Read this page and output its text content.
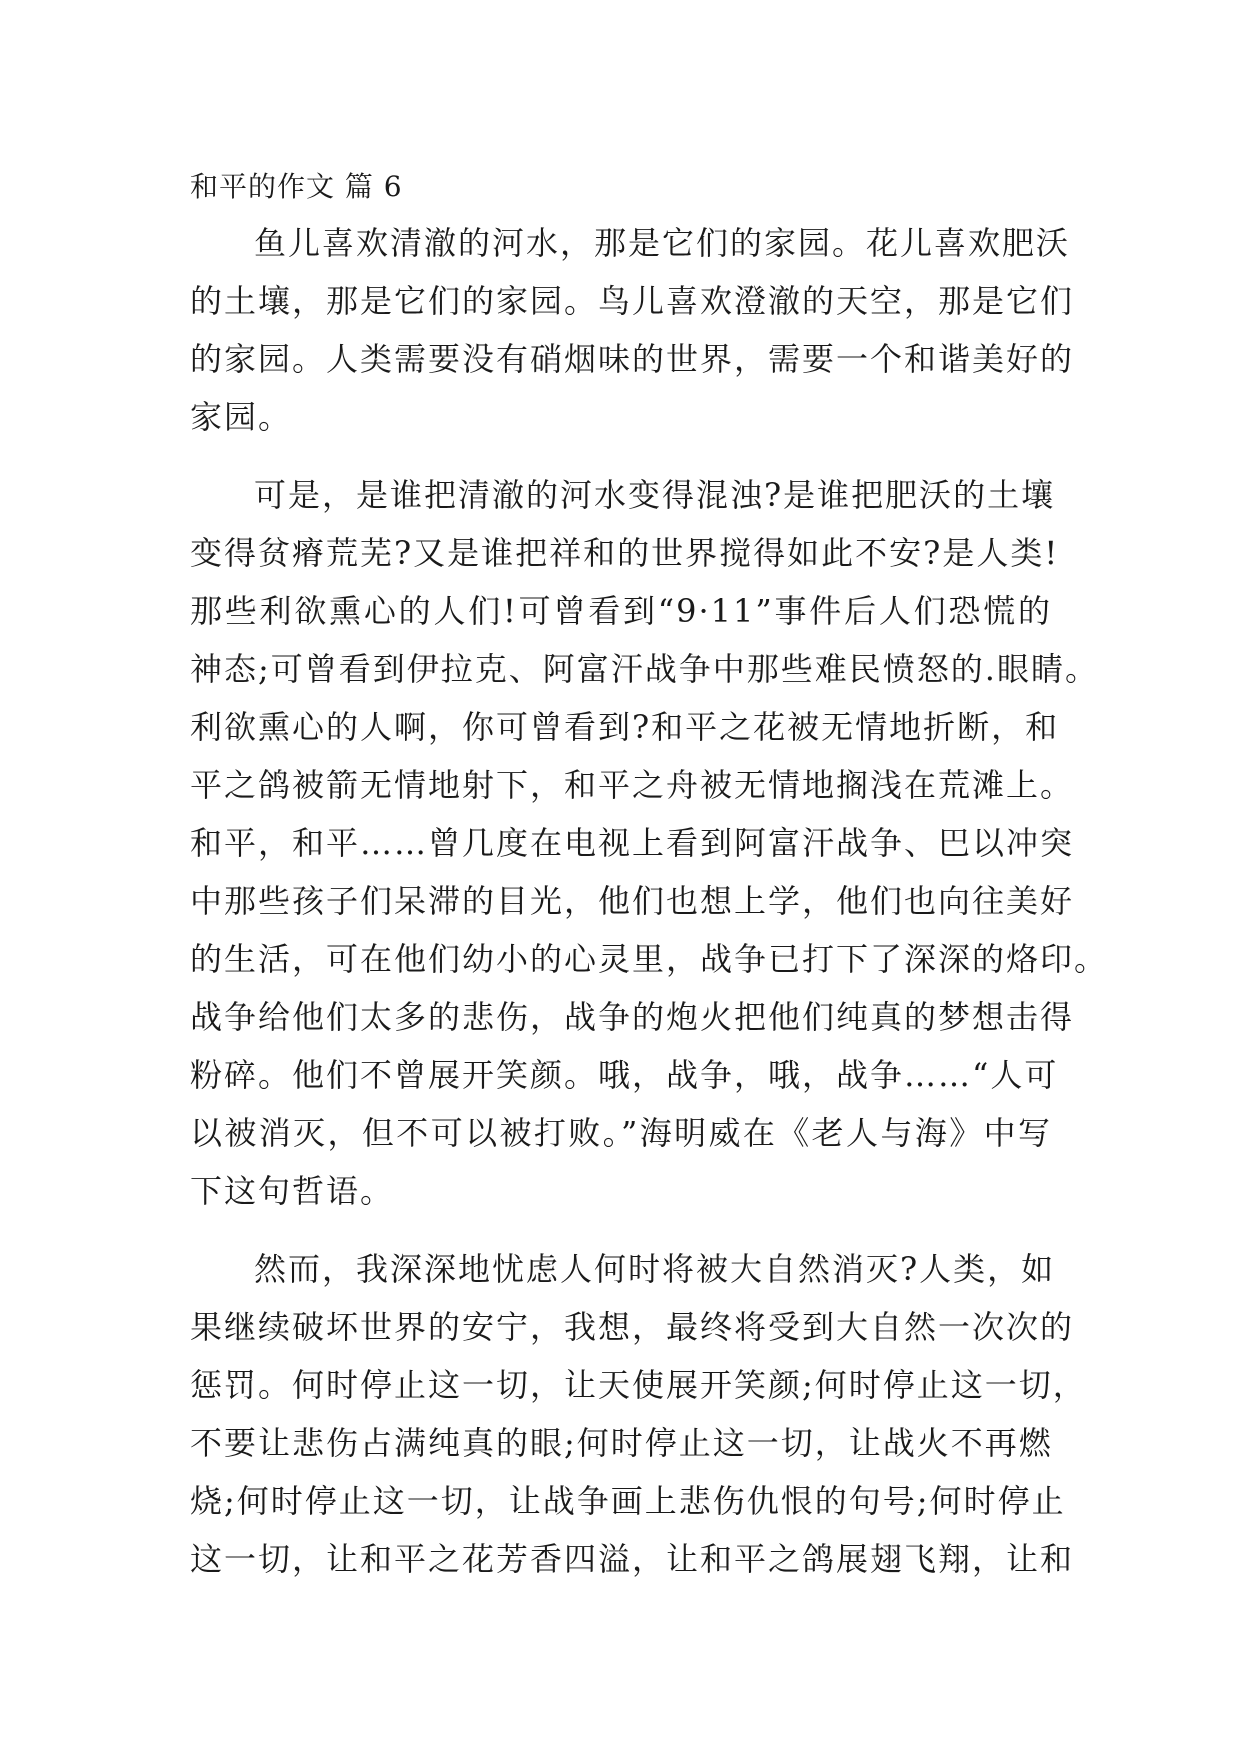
和平的作文 篇 6
鱼儿喜欢清澈的河水，那是它们的家园。花儿喜欢肥沃
的土壤，那是它们的家园。鸟儿喜欢澄澈的天空，那是它们
的家园。人类需要没有硝烟味的世界，需要一个和谐美好的
家园。
可是，是谁把清澈的河水变得混浊?是谁把肥沃的土壤
变得贫瘠荒芜?又是谁把祥和的世界搅得如此不安?是人类!
那些利欲熏心的人们!可曾看到“9·11”事件后人们恐慌的
神态;可曾看到伊拉克、阿富汗战争中那些难民愤怒的.眼睛。
利欲熏心的人啊，你可曾看到?和平之花被无情地折断，和
平之鸽被箭无情地射下，和平之舟被无情地搁浅在荒滩上。
和平，和平……曾几度在电视上看到阿富汗战争、巴以冲突
中那些孩子们呆滞的目光，他们也想上学，他们也向往美好
的生活，可在他们幼小的心灵里，战争已打下了深深的烙印。
战争给他们太多的悲伤，战争的炮火把他们纯真的梦想击得
粉碎。他们不曾展开笑颜。哦，战争，哦，战争……“人可
以被消灭，但不可以被打败。”海明威在《老人与海》中写
下这句哲语。
然而，我深深地忧虑人何时将被大自然消灭?人类，如
果继续破坏世界的安宁，我想，最终将受到大自然一次次的
惩罚。何时停止这一切，让天使展开笑颜;何时停止这一切，
不要让悲伤占满纯真的眼;何时停止这一切，让战火不再燃
烧;何时停止这一切，让战争画上悲伤仇恨的句号;何时停止
这一切，让和平之花芳香四溢，让和平之鸽展翅飞翔，让和
